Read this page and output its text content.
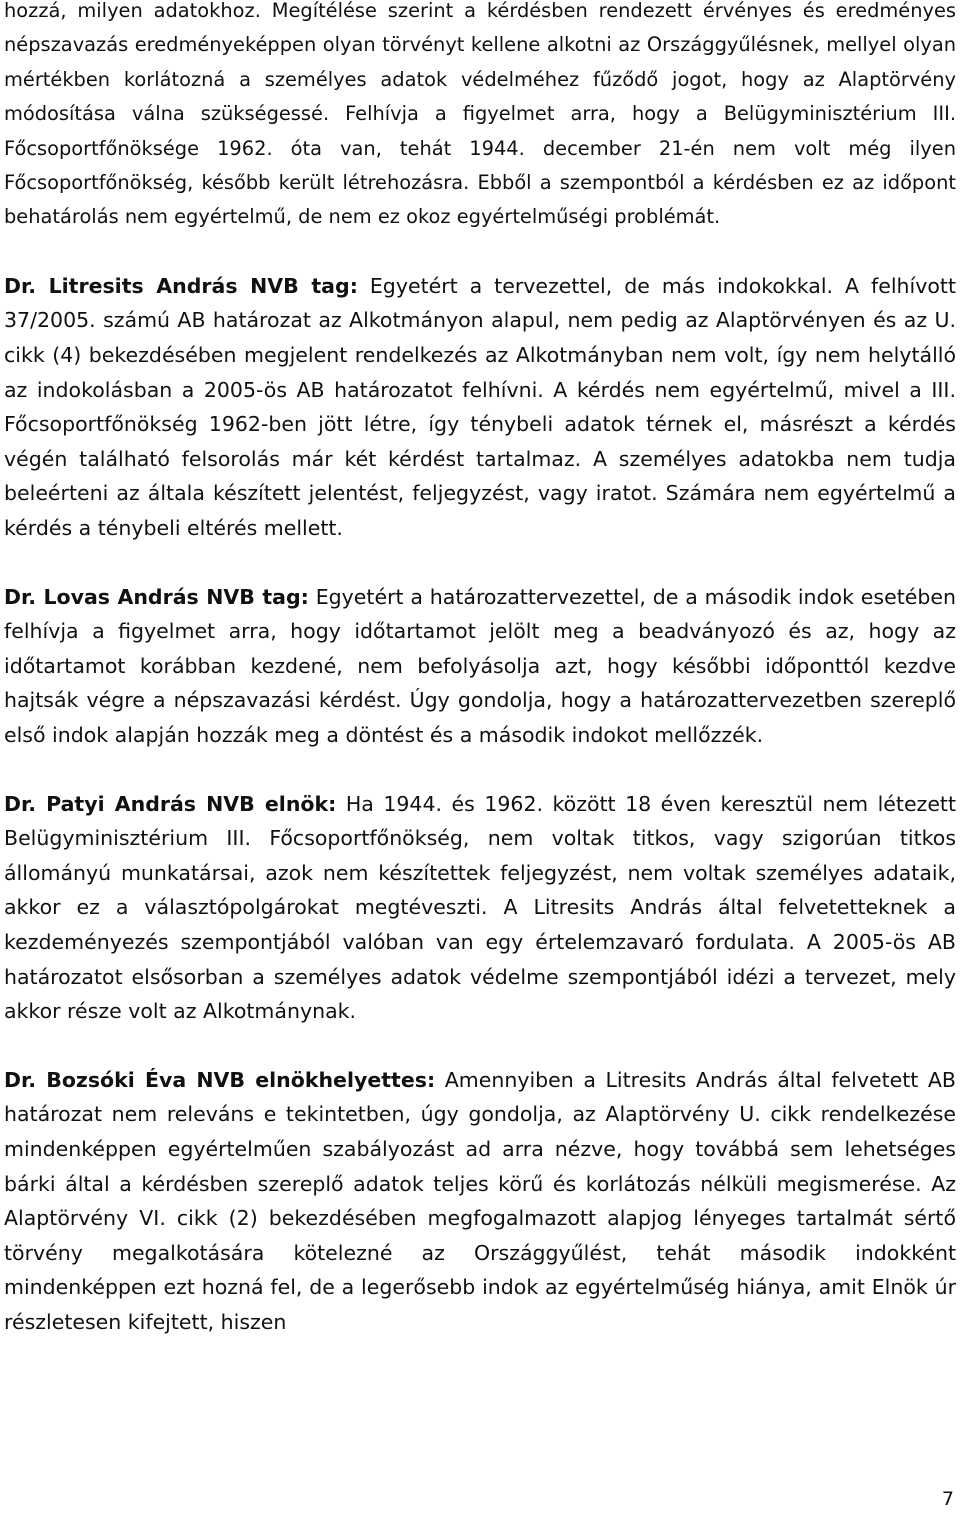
hozzá, milyen adatokhoz. Megítélése szerint a kérdésben rendezett érvényes és eredményes népszavazás eredményeképpen olyan törvényt kellene alkotni az Országgyűlésnek, mellyel olyan mértékben korlátozná a személyes adatok védelméhez fűződő jogot, hogy az Alaptörvény módosítása válna szükségessé. Felhívja a figyelmet arra, hogy a Belügyminisztérium III. Főcsoportfőnöksége 1962. óta van, tehát 1944. december 21-én nem volt még ilyen Főcsoportfőnökség, később került létrehozásra. Ebből a szempontból a kérdésben ez az időpont behatárolás nem egyértelmű, de nem ez okoz egyértelműségi problémát.

Dr. Litresits András NVB tag: Egyetért a tervezettel, de más indokokkal. A felhívott 37/2005. számú AB határozat az Alkotmányon alapul, nem pedig az Alaptörvényen és az U. cikk (4) bekezdésében megjelent rendelkezés az Alkotmányban nem volt, így nem helytálló az indokolásban a 2005-ös AB határozatot felhívni. A kérdés nem egyértelmű, mivel a III. Főcsoportfőnökség 1962-ben jött létre, így ténybeli adatok térnek el, másrészt a kérdés végén található felsorolás már két kérdést tartalmaz. A személyes adatokba nem tudja beleérteni az általa készített jelentést, feljegyzést, vagy iratot. Számára nem egyértelmű a kérdés a ténybeli eltérés mellett.

Dr. Lovas András NVB tag: Egyetért a határozattervezettel, de a második indok esetében felhívja a figyelmet arra, hogy időtartamot jelölt meg a beadványozó és az, hogy az időtartamot korábban kezdené, nem befolyásolja azt, hogy későbbi időponttól kezdve hajtsák végre a népszavazási kérdést. Úgy gondolja, hogy a határozattervezetben szereplő első indok alapján hozzák meg a döntést és a második indokot mellőzzék.

Dr. Patyi András NVB elnök: Ha 1944. és 1962. között 18 éven keresztül nem létezett Belügyminisztérium III. Főcsoportfőnökség, nem voltak titkos, vagy szigorúan titkos állományú munkatársai, azok nem készítettek feljegyzést, nem voltak személyes adataik, akkor ez a választópolgárokat megtéveszti. A Litresits András által felvetetteknek a kezdeményezés szempontjából valóban van egy értelemzavaró fordulata. A 2005-ös AB határozatot elsősorban a személyes adatok védelme szempontjából idézi a tervezet, mely akkor része volt az Alkotmánynak.

Dr. Bozsóki Éva NVB elnökhelyettes: Amennyiben a Litresits András által felvetett AB határozat nem releváns e tekintetben, úgy gondolja, az Alaptörvény U. cikk rendelkezése mindenképpen egyértelműen szabályozást ad arra nézve, hogy továbbá sem lehetséges bárki által a kérdésben szereplő adatok teljes körű és korlátozás nélküli megismerése. Az Alaptörvény VI. cikk (2) bekezdésében megfogalmazott alapjog lényeges tartalmát sértő törvény megalkotására kötelezné az Országgyűlést, tehát második indokként mindenképpen ezt hozná fel, de a legerősebb indok az egyértelműség hiánya, amit Elnök úr részletesen kifejtett, hiszen

7
